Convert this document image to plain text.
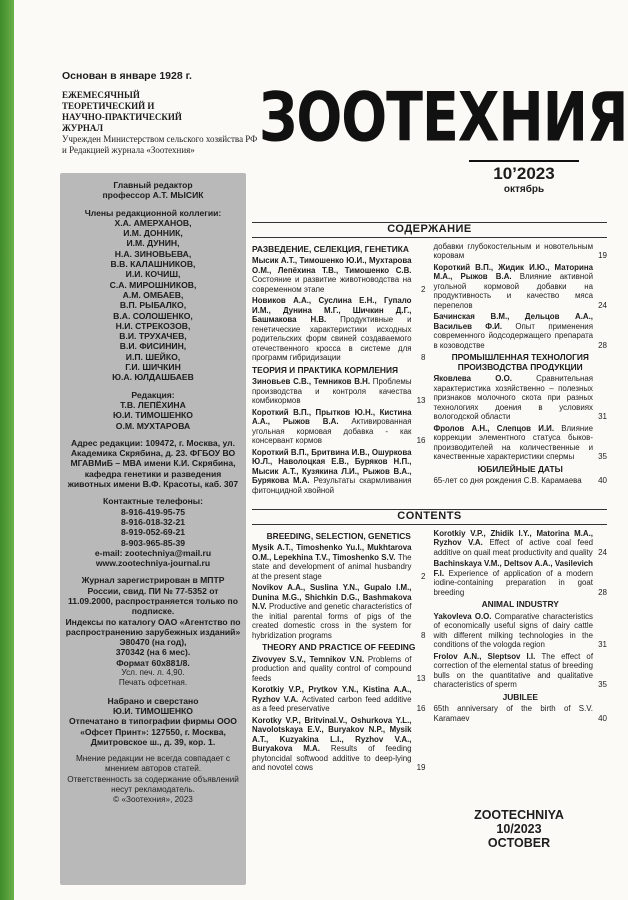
Основан в январе 1928 г.
ЕЖЕМЕСЯЧНЫЙ
ТЕОРЕТИЧЕСКИЙ И
НАУЧНО-ПРАКТИЧЕСКИЙ
ЖУРНАЛ
Учрежден Министерством сельского хозяйства РФ и Редакцией журнала «Зоотехния»	ЗООТЕХНИЯ
10’2023
октябрь
Главный редактор
профессор А.Т. МЫСИК
Члены редакционной коллегии:
Х.А. АМЕРХАНОВ,
И.М. ДОННИК,
И.М. ДУНИН,
Н.А. ЗИНОВЬЕВА,
В.В. КАЛАШНИКОВ,
И.И. КОЧИШ,
С.А. МИРОШНИКОВ,
А.М. ОМБАЕВ,
В.П. РЫБАЛКО,
В.А. СОЛОШЕНКО,
Н.И. СТРЕКОЗОВ,
В.И. ТРУХАЧЕВ,
В.И. ФИСИНИН,
И.П. ШЕЙКО,
Г.И. ШИЧКИН
Ю.А. ЮЛДАШБАЕВ
Редакция:
Т.В. ЛЕПЁХИНА
Ю.И. ТИМОШЕНКО
О.М. МУХТАРОВА
Адрес редакции: 109472, г. Москва, ул. Академика Скрябина, д. 23. ФГБОУ ВО МГАВМиБ – МВА имени К.И. Скрябина, кафедра генетики и разведения животных имени В.Ф. Красоты, каб. 307
Контактные телефоны:
8-916-419-95-75
8-916-018-32-21
8-919-052-69-21
8-903-965-85-39
e-mail: zootechniya@mail.ru
www.zootechniya-journal.ru
Журнал зарегистрирован в МПТР России, свид. ПИ № 77-5352 от 11.09.2000, распространяется только по подписке.
Индексы по каталогу ОАО «Агентство по распространению зарубежных изданий»
Э80470 (на год),
370342 (на 6 мес).
Формат 60x881/8.
Усл. печ. л. 4,90.
Печать офсетная.
Набрано и сверстано
Ю.И. ТИМОШЕНКО
Отпечатано в типографии фирмы ООО «Офсет Принт»: 127550, г. Москва, Дмитровское ш., д. 39, кор. 1.
Мнение редакции не всегда совпадает с мнением авторов статей.
Ответственность за содержание объявлений несут рекламодатель.
© «Зоотехния», 2023
СОДЕРЖАНИЕ
РАЗВЕДЕНИЕ, СЕЛЕКЦИЯ, ГЕНЕТИКА
Мысик А.Т., Тимошенко Ю.И., Мухтарова О.М., Лепёхина Т.В., Тимошенко С.В. Состояние и развитие животноводства на современном этапе	2
Новиков А.А., Суслина Е.Н., Гупало И.М., Дунина М.Г., Шичкин Д.Г., Башмакова Н.В. Продуктивные и генетические характеристики исходных родительских форм свиней создаваемого отечественного кросса в системе для программ гибридизации	8
ТЕОРИЯ И ПРАКТИКА КОРМЛЕНИЯ
Зиновьев С.В., Темников В.Н. Проблемы производства и контроля качества комбикормов	13
Короткий В.П., Прытков Ю.Н., Кистина А.А., Рыжов В.А. Активированная угольная кормовая добавка - как консервант кормов	16
Короткий В.П., Бритвина И.В., Ошуркова Ю.Л., Наволоцкая Е.В., Буряков Н.П., Мысик А.Т., Кузякина Л.И., Рыжов В.А., Бурякова М.А. Результаты скармливания фитонцидной хвойной
добавки глубокостельным и новотельным коровам	19
Короткий В.П., Жидик И.Ю., Маторина М.А., Рыжов В.А. Влияние активной угольной кормовой добавки на продуктивность и качество мяса перепелов	24
Бачинская В.М., Дельцов А.А., Васильев Ф.И. Опыт применения современного йодсодержащего препарата в козоводстве	28
ПРОМЫШЛЕННАЯ ТЕХНОЛОГИЯ ПРОИЗВОДСТВА ПРОДУКЦИИ
Яковлева О.О. Сравнительная характеристика хозяйственно – полезных признаков молочного скота при разных технологиях доения в условиях вологодской области	31
Фролов А.Н., Слепцов И.И. Влияние коррекции элементного статуса быков-производителей на количественные и качественные характеристики спермы	35
ЮБИЛЕЙНЫЕ ДАТЫ
65-лет со дня рождения С.В. Карамаева 40
CONTENTS
BREEDING, SELECTION, GENETICS
Mysik A.T., Timoshenko Yu.I., Mukhtarova O.M., Lepekhina T.V., Timoshenko S.V. The state and development of animal husbandry at the present stage	2
Novikov A.A., Suslina Y.N., Gupalo I.M., Dunina M.G., Shichkin D.G., Bashmakova N.V. Productive and genetic characteristics of the initial parental forms of pigs of the created domestic cross in the system for hybridization programs	8
THEORY AND PRACTICE OF FEEDING
Zivovyev S.V., Temnikov V.N. Problems of production and quality control of compound feeds	13
Korotkiy V.P., Prytkov Y.N., Kistina A.A., Ryzhov V.A. Activated carbon feed additive as a feed preservative	16
Korotky V.P., Britvinal.V., Oshurkova Y.L., Navolotskaya E.V., Buryakov N.P., Mysik A.T., Kuzyakina L.I., Ryzhov V.A., Buryakova M.A. Results of feeding phytoncidal softwood additive to deep-lying and novotel cows	19
Korotkiy V.P., Zhidik I.Y., Matorina M.A., Ryzhov V.A. Effect of active coal feed additive on quail meat productivity and quality 24
Bachinskaya V.M., Deltsov A.A., Vasilevich F.I. Experience of application of a modern iodine-containing preparation in goat breeding	28
ANIMAL INDUSTRY
Yakovleva O.O. Comparative characteristics of economically useful signs of dairy cattle with different milking technologies in the conditions of the vologda region	31
Frolov A.N., Sleptsov I.I. The effect of correction of the elemental status of breeding bulls on the quantitative and qualitative characteristics of sperm	35
JUBILEE
65th anniversary of the birth of S.V. Karamaev	40
ZOOTECHNIYA
10/2023
OCTOBER
